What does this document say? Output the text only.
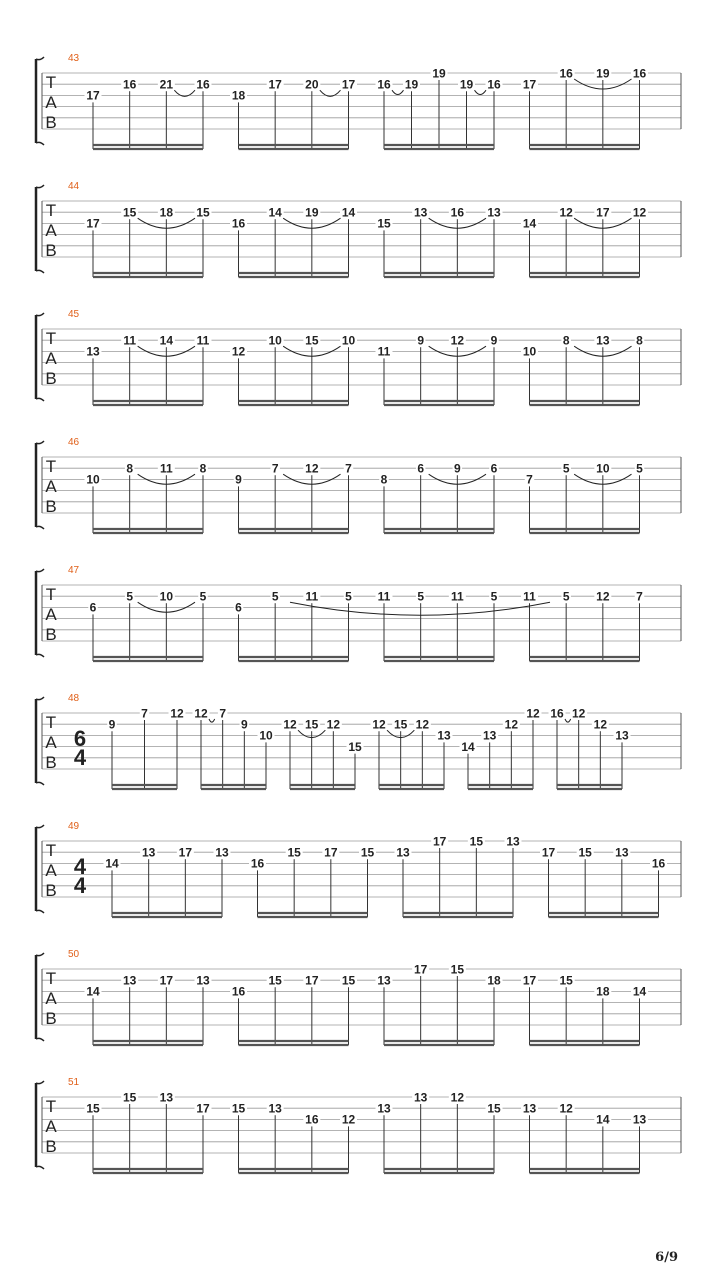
T
A
B
43
17
16 21 16
18
17 20 17 16 19
19
19 16 17
16 19 16
T
A
B
44
17
15 18 15
16
14 19 14
15
13 16 13
14
12 17 12
T
A
B
45
13
11 14 11
12
10 15 10
11
9 12 9
10
8 13 8
T
A
B
46
10
8 11 8
9
7 12 7
8
6 9 6
7
5 10 5
T
A
B
47
6
5 10 5
6
5 11 5 11 5 11 5 11 5 12 7
T
A
B
48
6
4
9
7 12 12 7
9
10
12 15 12
15
12 15 12
13
14
13
12
12 16 12
12
13
T
A
B
49
4
4
14
13 17 13
16
15 17 15 13
17 15 13
17 15 13
16
T
A
B
50
14
13 17 13
16
15 17 15 13
17 15
18 17 15
18 14
T
A
B
51
15
15 13
17 15 13
16 12
13
13 12
15 13 12
14 13
6/9
